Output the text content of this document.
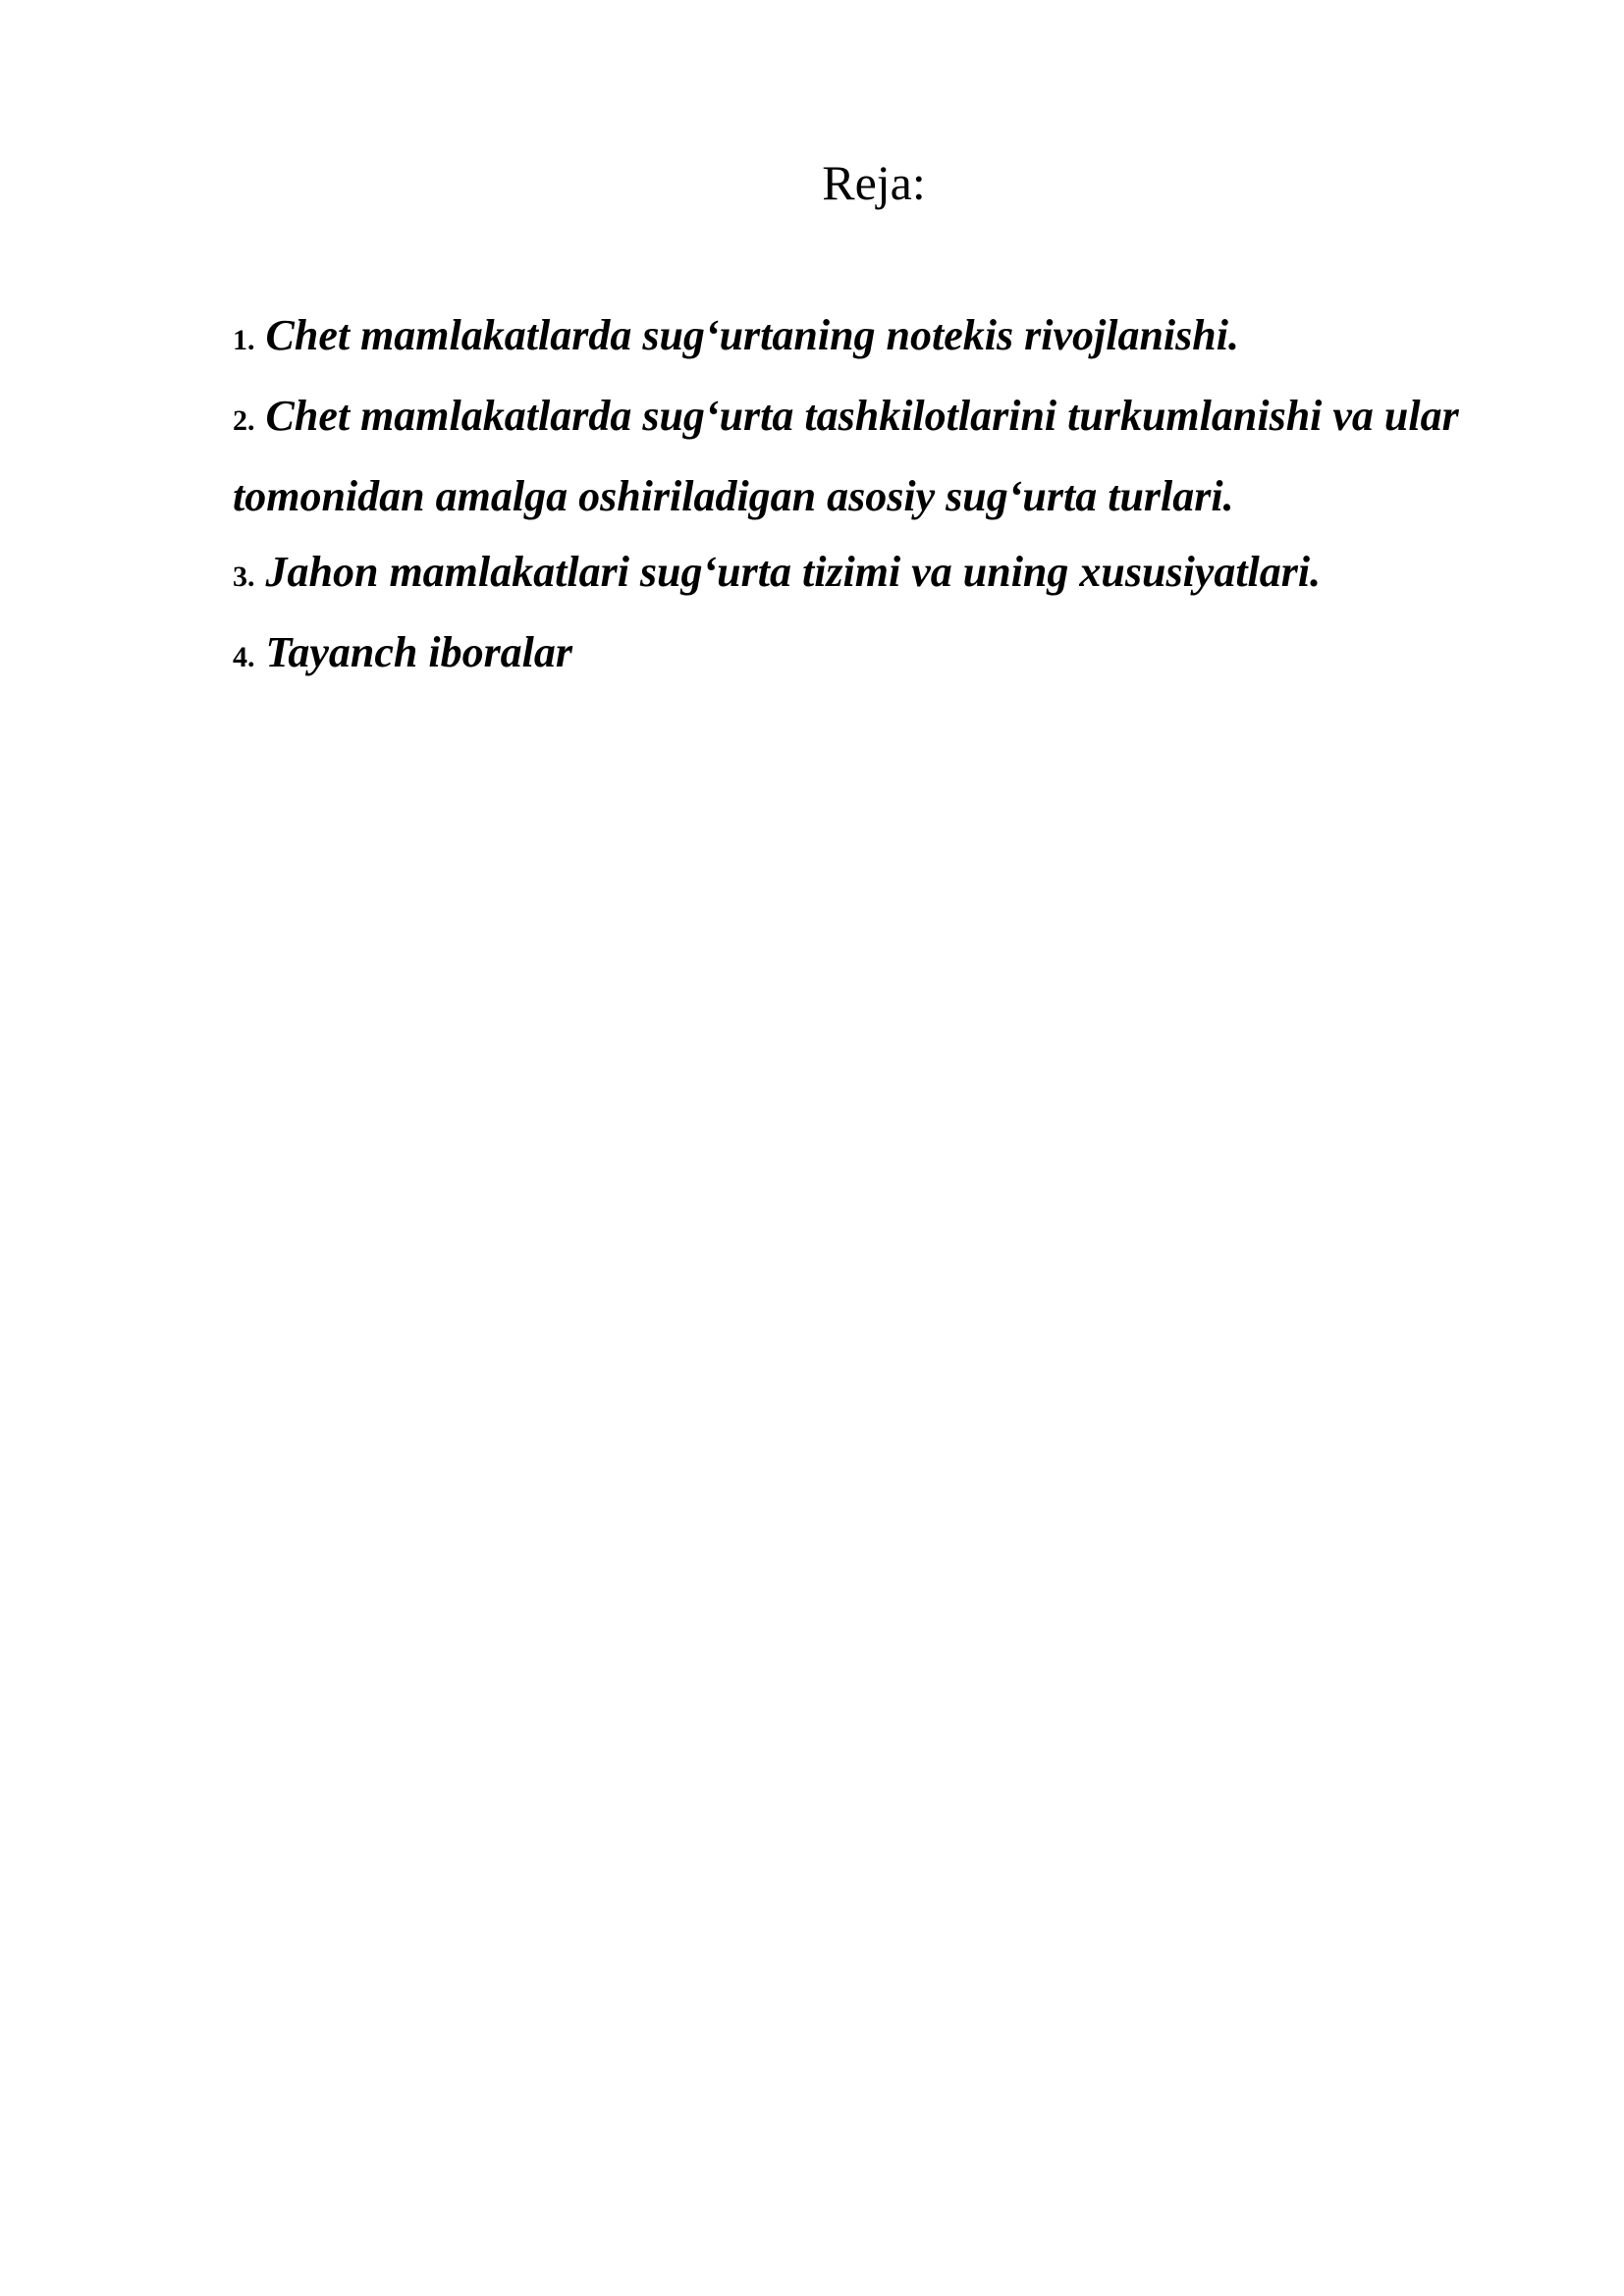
Reja:
1. Chet mamlakatlarda sug‘urtaning notekis rivojlanishi.
2. Chet mamlakatlarda sug‘urta tashkilotlarini turkumlanishi va ular tomonidan amalga oshiriladigan asosiy sug‘urta turlari.
3. Jahon mamlakatlari sug‘urta tizimi va uning xususiyatlari.
4. Tayanch iboralar
